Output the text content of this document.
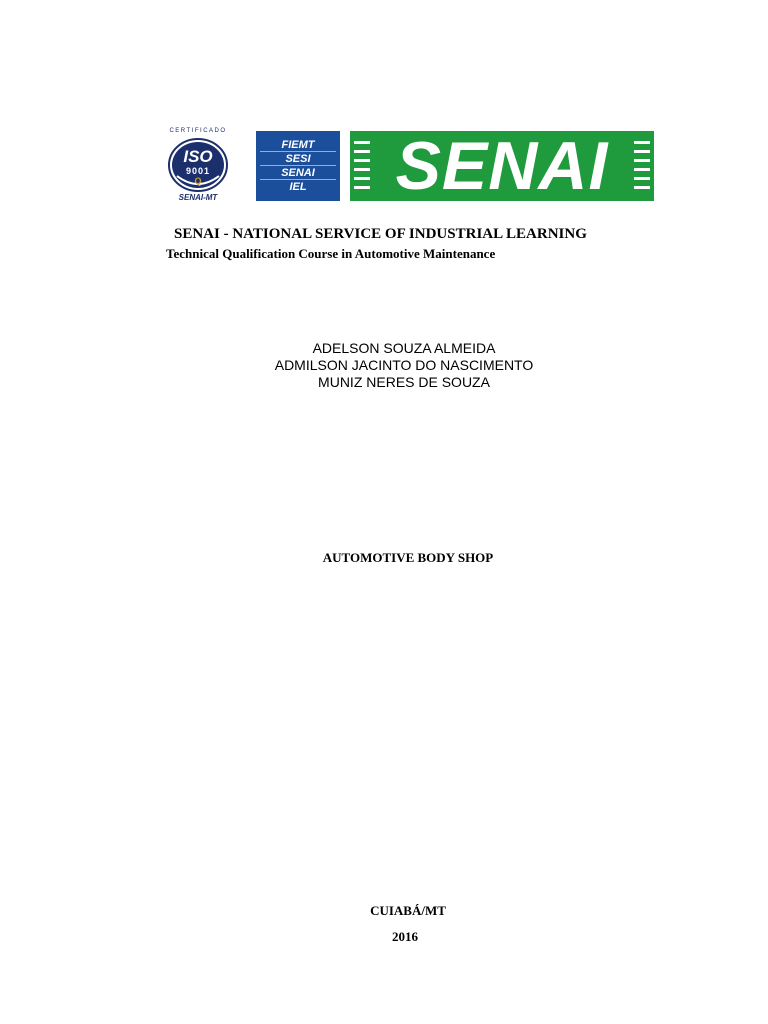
CERTIFICADO
ISO
9001
Q
SENAI-MT
FIEMT
SESI
SENAI
IEL	SENAI
SENAI - NATIONAL SERVICE OF INDUSTRIAL LEARNING
Technical Qualification Course in Automotive Maintenance
ADELSON SOUZA ALMEIDA
ADMILSON JACINTO DO NASCIMENTO
MUNIZ NERES DE SOUZA
AUTOMOTIVE BODY SHOP
CUIABÁ/MT
2016
